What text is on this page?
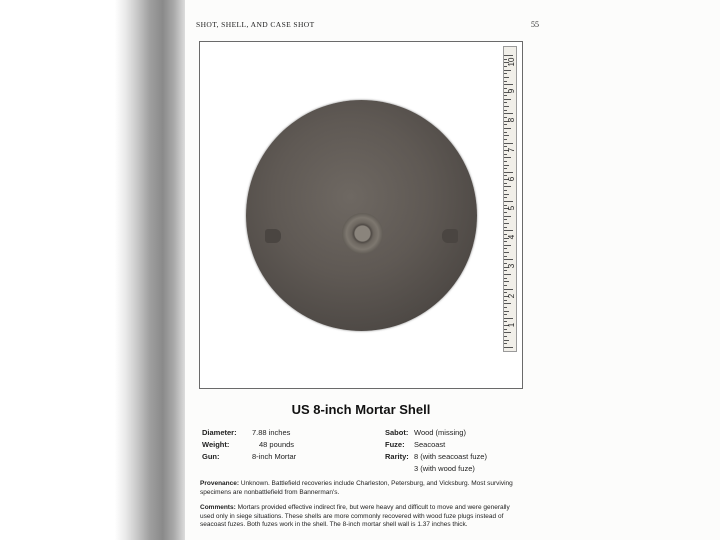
SHOT, SHELL, AND CASE SHOT	55
10
9
8
7
6
5
4
3
2
1
US 8-inch Mortar Shell
Diameter: 7.88 inches
Weight:	48 pounds
Gun:	8-inch Mortar
Sabot: Wood (missing)
Fuze: Seacoast
Rarity: 8 (with seacoast fuze)
3 (with wood fuze)
Provenance: Unknown. Battlefield recoveries include Charleston, Petersburg, and Vicksburg. Most surviving specimens are nonbattlefield from Bannerman's.
Comments: Mortars provided effective indirect fire, but were heavy and difficult to move and were generally used only in siege situations. These shells are more commonly recovered with wood fuze plugs instead of seacoast fuzes. Both fuzes work in the shell. The 8-inch mortar shell wall is 1.37 inches thick.
